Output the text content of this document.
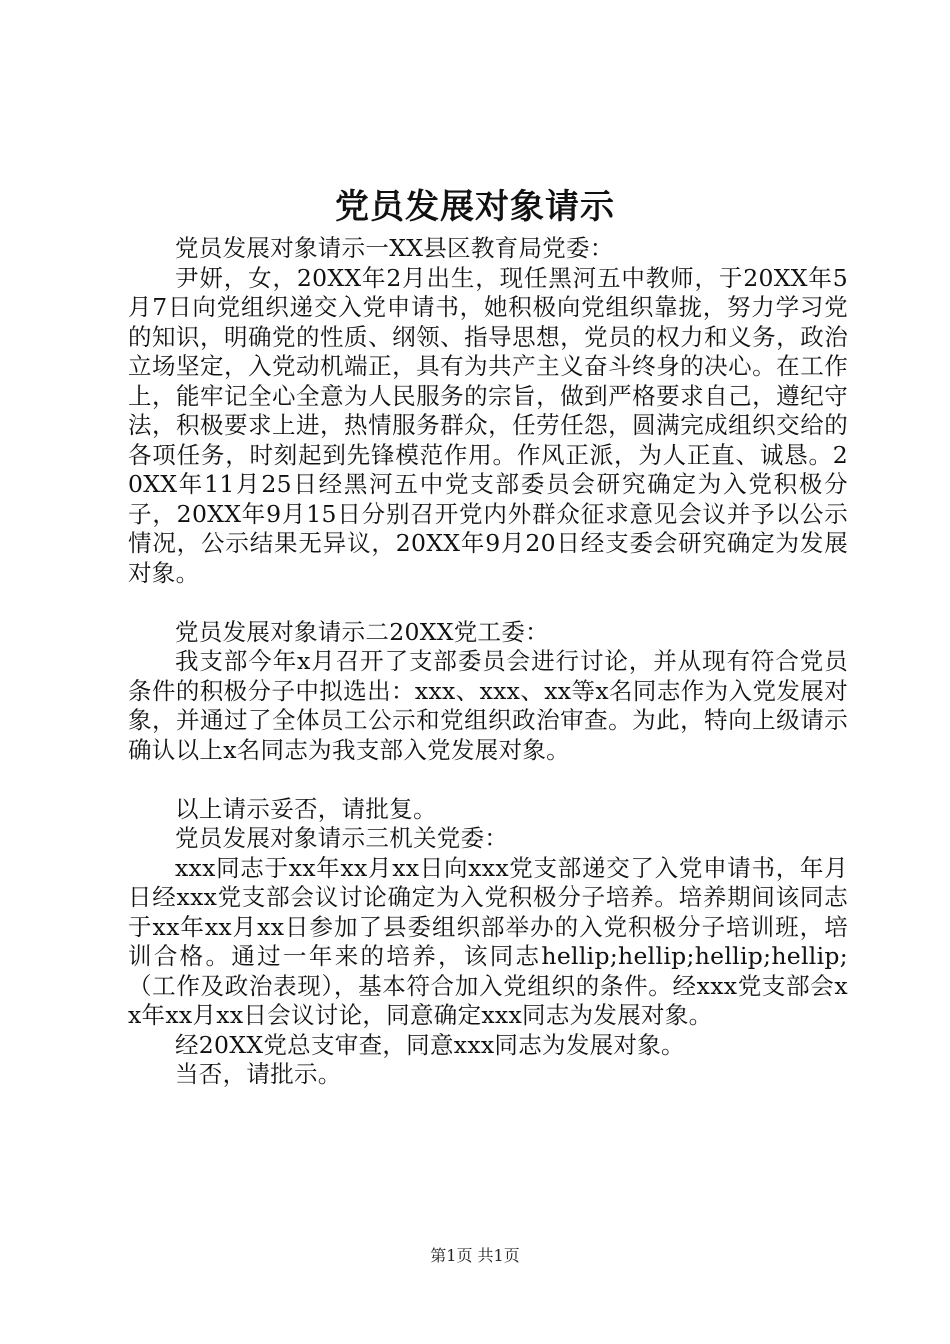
党员发展对象请示

党员发展对象请示一XX县区教育局党委：

尹妍，女，20XX年2月出生，现任黑河五中教师，于20XX年5月7日向党组织递交入党申请书，她积极向党组织靠拢，努力学习党的知识，明确党的性质、纲领、指导思想，党员的权力和义务，政治立场坚定，入党动机端正，具有为共产主义奋斗终身的决心。在工作上，能牢记全心全意为人民服务的宗旨，做到严格要求自己，遵纪守法，积极要求上进，热情服务群众，任劳任怨，圆满完成组织交给的各项任务，时刻起到先锋模范作用。作风正派，为人正直、诚恳。20XX年11月25日经黑河五中党支部委员会研究确定为入党积极分子，20XX年9月15日分别召开党内外群众征求意见会议并予以公示情况，公示结果无异议，20XX年9月20日经支委会研究确定为发展对象。

党员发展对象请示二20XX党工委：

我支部今年x月召开了支部委员会进行讨论，并从现有符合党员条件的积极分子中拟选出：xxx、xxx、xx等x名同志作为入党发展对象，并通过了全体员工公示和党组织政治审查。为此，特向上级请示确认以上x名同志为我支部入党发展对象。

以上请示妥否，请批复。

党员发展对象请示三机关党委：

xxx同志于xx年xx月xx日向xxx党支部递交了入党申请书，年月日经xxx党支部会议讨论确定为入党积极分子培养。培养期间该同志于xx年xx月xx日参加了县委组织部举办的入党积极分子培训班，培训合格。通过一年来的培养，该同志hellip;hellip;hellip;hellip;（工作及政治表现），基本符合加入党组织的条件。经xxx党支部会xx年xx月xx日会议讨论，同意确定xxx同志为发展对象。

经20XX党总支审查，同意xxx同志为发展对象。

当否，请批示。

第1页 共1页
